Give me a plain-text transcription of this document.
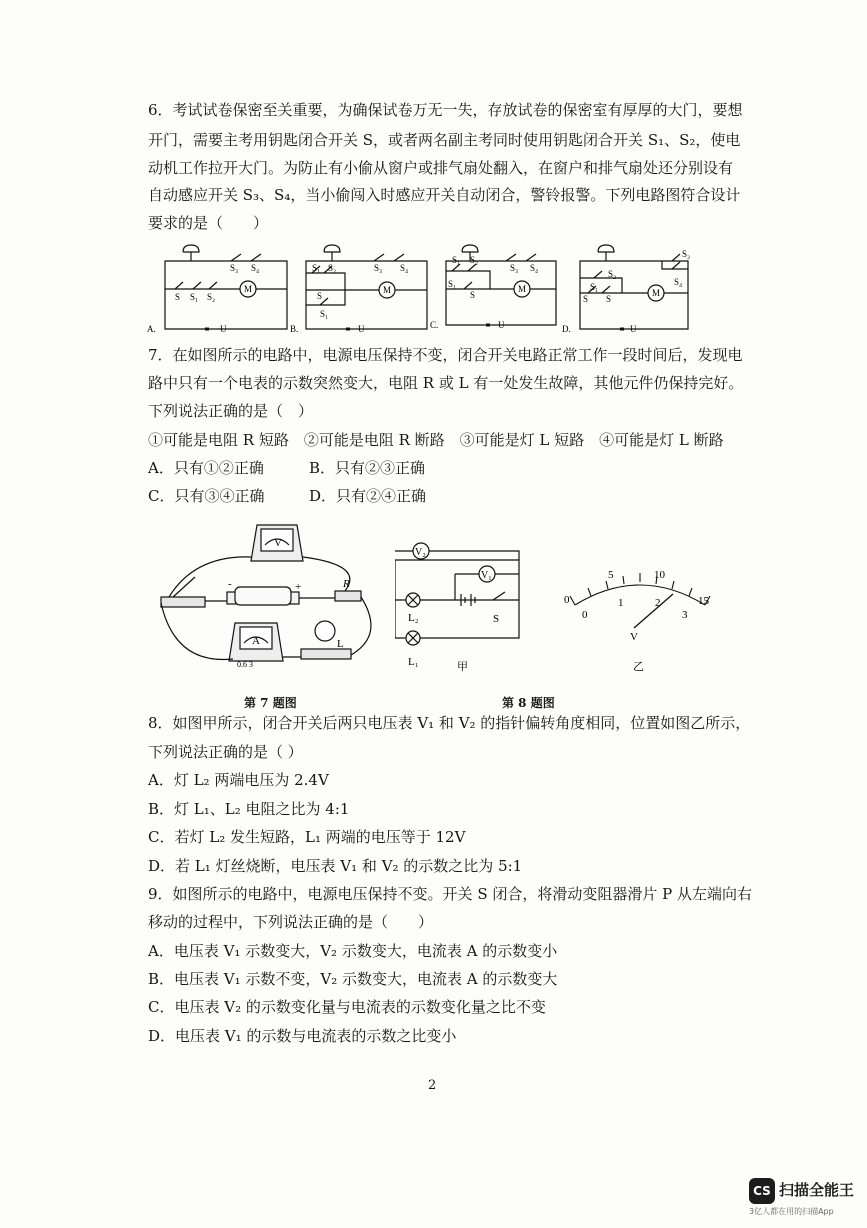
6．考试试卷保密至关重要，为确保试卷万无一失，存放试卷的保密室有厚厚的大门，要想
开门，需要主考用钥匙闭合开关 S，或者两名副主考同时使用钥匙闭合开关 S₁、S₂，使电
动机工作拉开大门。为防止有小偷从窗户或排气扇处翻入，在窗户和排气扇处还分别设有
自动感应开关 S₃、S₄，当小偷闯入时感应开关自动闭合，警铃报警。下列电路图符合设计
要求的是（　　）
A.
S₃ S₄
S S₁ S₂
M
U	B.
S₁ S₂	S₃ S₄
S
S₁
M
U	C.
S₁ S₂
S₃ S₄
S₁
S
M
U	D.
S₂
S₄
S₂
S₁
S
S
M
U
7．在如图所示的电路中，电源电压保持不变，闭合开关电路正常工作一段时间后，发现电
路中只有一个电表的示数突然变大，电阻 R 或 L 有一处发生故障，其他元件仍保持完好。
下列说法正确的是（　）
①可能是电阻 R 短路　②可能是电阻 R 断路　③可能是灯 L 短路　④可能是灯 L 断路
A．只有①②正确	B．只有②③正确
C．只有③④正确	D．只有②④正确
V
A
0.6 3
-	+	R
L
V₂
V₁
L₂
L₁
S
甲
0
5	10
15
0
1	2
3
V
乙
第 7 题图	第 8 题图
8．如图甲所示，闭合开关后两只电压表 V₁ 和 V₂ 的指针偏转角度相同，位置如图乙所示，
下列说法正确的是（ ）
A．灯 L₂ 两端电压为 2.4V
B．灯 L₁、L₂ 电阻之比为 4:1
C．若灯 L₂ 发生短路，L₁ 两端的电压等于 12V
D．若 L₁ 灯丝烧断，电压表 V₁ 和 V₂ 的示数之比为 5:1
9．如图所示的电路中，电源电压保持不变。开关 S 闭合，将滑动变阻器滑片 P 从左端向右
移动的过程中，下列说法正确的是（　　）
A．电压表 V₁ 示数变大，V₂ 示数变大，电流表 A 的示数变小
B．电压表 V₁ 示数不变，V₂ 示数变大，电流表 A 的示数变大
C．电压表 V₂ 的示数变化量与电流表的示数变化量之比不变
D．电压表 V₁ 的示数与电流表的示数之比变小
2
CS 扫描全能王
3亿人都在用的扫描App
